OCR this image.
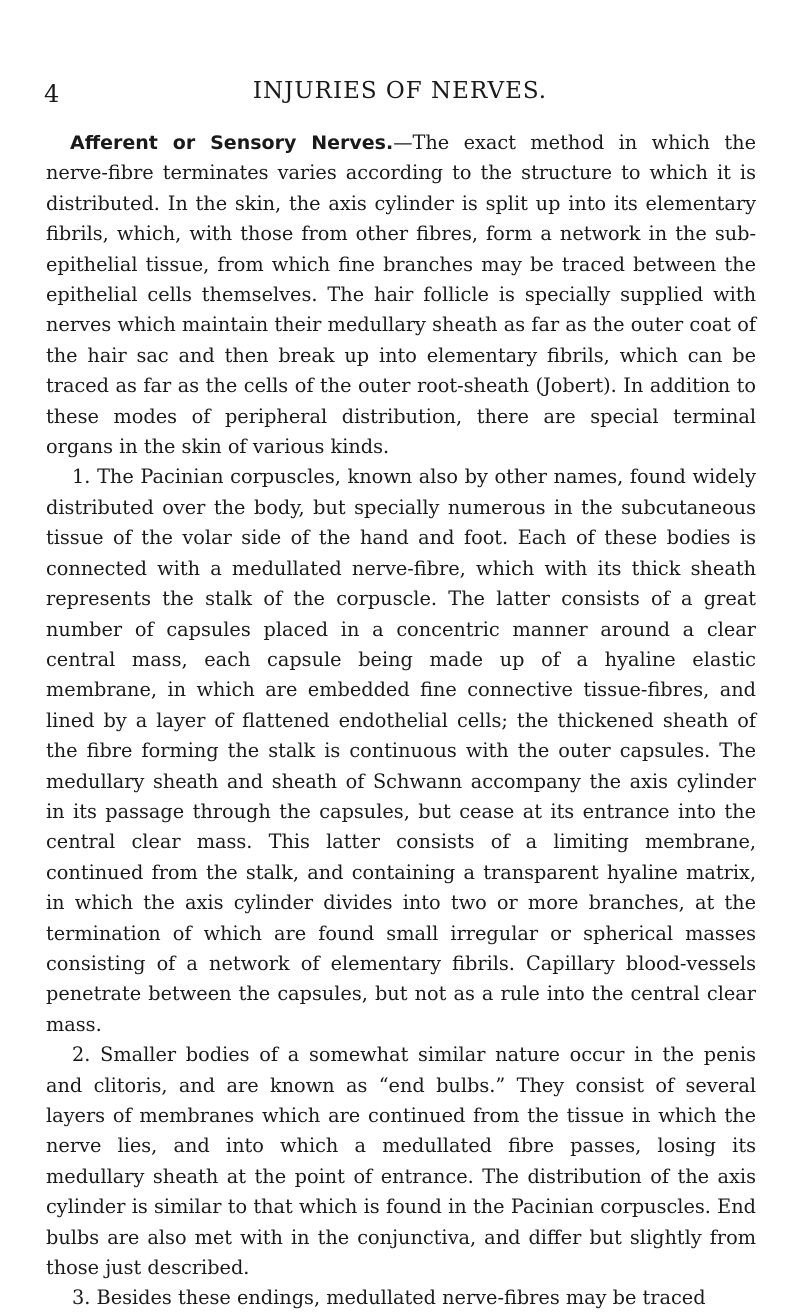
4	INJURIES OF NERVES.

Afferent or Sensory Nerves.—The exact method in which the nerve-fibre terminates varies according to the structure to which it is distributed. In the skin, the axis cylinder is split up into its elementary fibrils, which, with those from other fibres, form a network in the sub-epithelial tissue, from which fine branches may be traced between the epithelial cells themselves. The hair follicle is specially supplied with nerves which maintain their medullary sheath as far as the outer coat of the hair sac and then break up into elementary fibrils, which can be traced as far as the cells of the outer root-sheath (Jobert). In addition to these modes of peripheral distribution, there are special terminal organs in the skin of various kinds.

1. The Pacinian corpuscles, known also by other names, found widely distributed over the body, but specially numerous in the subcutaneous tissue of the volar side of the hand and foot. Each of these bodies is connected with a medullated nerve-fibre, which with its thick sheath represents the stalk of the corpuscle. The latter consists of a great number of capsules placed in a concentric manner around a clear central mass, each capsule being made up of a hyaline elastic membrane, in which are embedded fine connective tissue-fibres, and lined by a layer of flattened endothelial cells; the thickened sheath of the fibre forming the stalk is continuous with the outer capsules. The medullary sheath and sheath of Schwann accompany the axis cylinder in its passage through the capsules, but cease at its entrance into the central clear mass. This latter consists of a limiting membrane, continued from the stalk, and containing a transparent hyaline matrix, in which the axis cylinder divides into two or more branches, at the termination of which are found small irregular or spherical masses consisting of a network of elementary fibrils. Capillary blood-vessels penetrate between the capsules, but not as a rule into the central clear mass.

2. Smaller bodies of a somewhat similar nature occur in the penis and clitoris, and are known as “end bulbs.” They consist of several layers of membranes which are continued from the tissue in which the nerve lies, and into which a medullated fibre passes, losing its medullary sheath at the point of entrance. The distribution of the axis cylinder is similar to that which is found in the Pacinian corpuscles. End bulbs are also met with in the conjunctiva, and differ but slightly from those just described.

3. Besides these endings, medullated nerve-fibres may be traced
